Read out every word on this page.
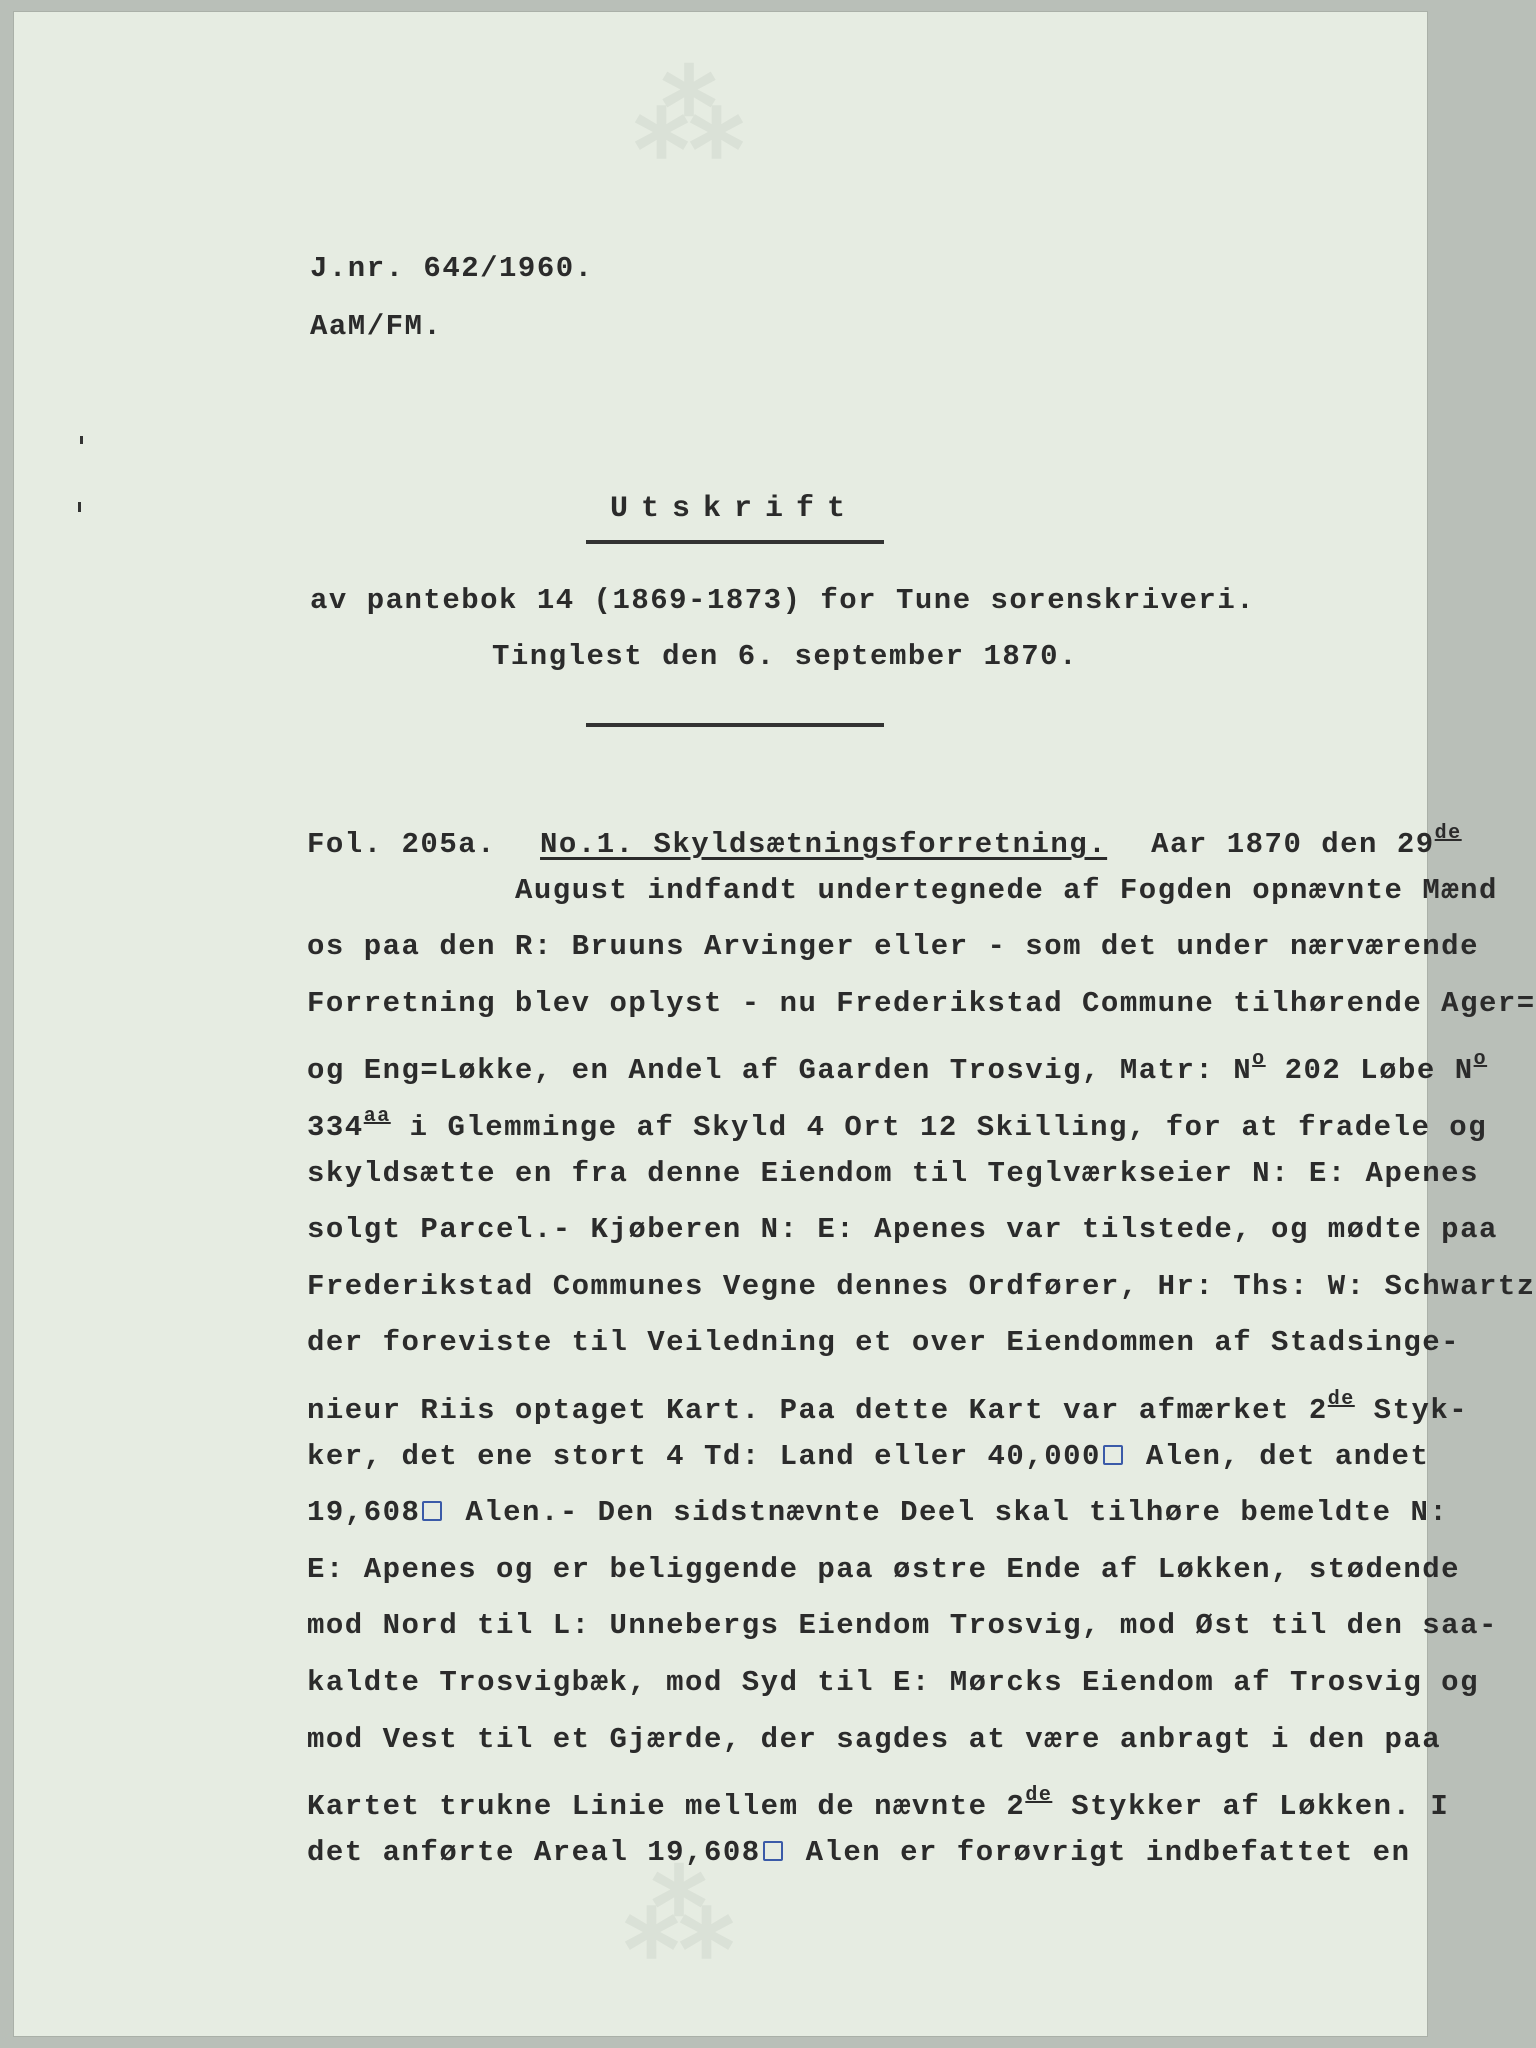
⁂
⁂
J.nr. 642/1960.
AaM/FM.
Utskrift
av pantebok 14 (1869-1873) for Tune sorenskriveri.
Tinglest den 6. september 1870.
Fol. 205a. No.1. Skyldsætningsforretning. Aar 1870 den 29de
August indfandt undertegnede af Fogden opnævnte Mænd
os paa den R: Bruuns Arvinger eller - som det under nærværende
Forretning blev oplyst - nu Frederikstad Commune tilhørende Ager=
og Eng=Løkke, en Andel af Gaarden Trosvig, Matr: $N^o$ 202 Løbe $N^o$
$334^{aa}$ i Glemminge af Skyld 4 Ort 12 Skilling, for at fradele og
skyldsætte en fra denne Eiendom til Teglværkseier N: E: Apenes
solgt Parcel.- Kjøberen N: E: Apenes var tilstede, og mødte paa
Frederikstad Communes Vegne dennes Ordfører, Hr: Ths: W: Schwartz
der foreviste til Veiledning et over Eiendommen af Stadsinge-
nieur Riis optaget Kart. Paa dette Kart var afmærket 2de Styk-
ker, det ene stort 4 Td: Land eller 40,000 Alen, det andet
19,608 Alen.- Den sidstnævnte Deel skal tilhøre bemeldte N:
E: Apenes og er beliggende paa østre Ende af Løkken, stødende
mod Nord til L: Unnebergs Eiendom Trosvig, mod Øst til den saa-
kaldte Trosvigbæk, mod Syd til E: Mørcks Eiendom af Trosvig og
mod Vest til et Gjærde, der sagdes at være anbragt i den paa
Kartet trukne Linie mellem de nævnte 2de Stykker af Løkken. I
det anførte Areal 19,608 Alen er forøvrigt indbefattet en
